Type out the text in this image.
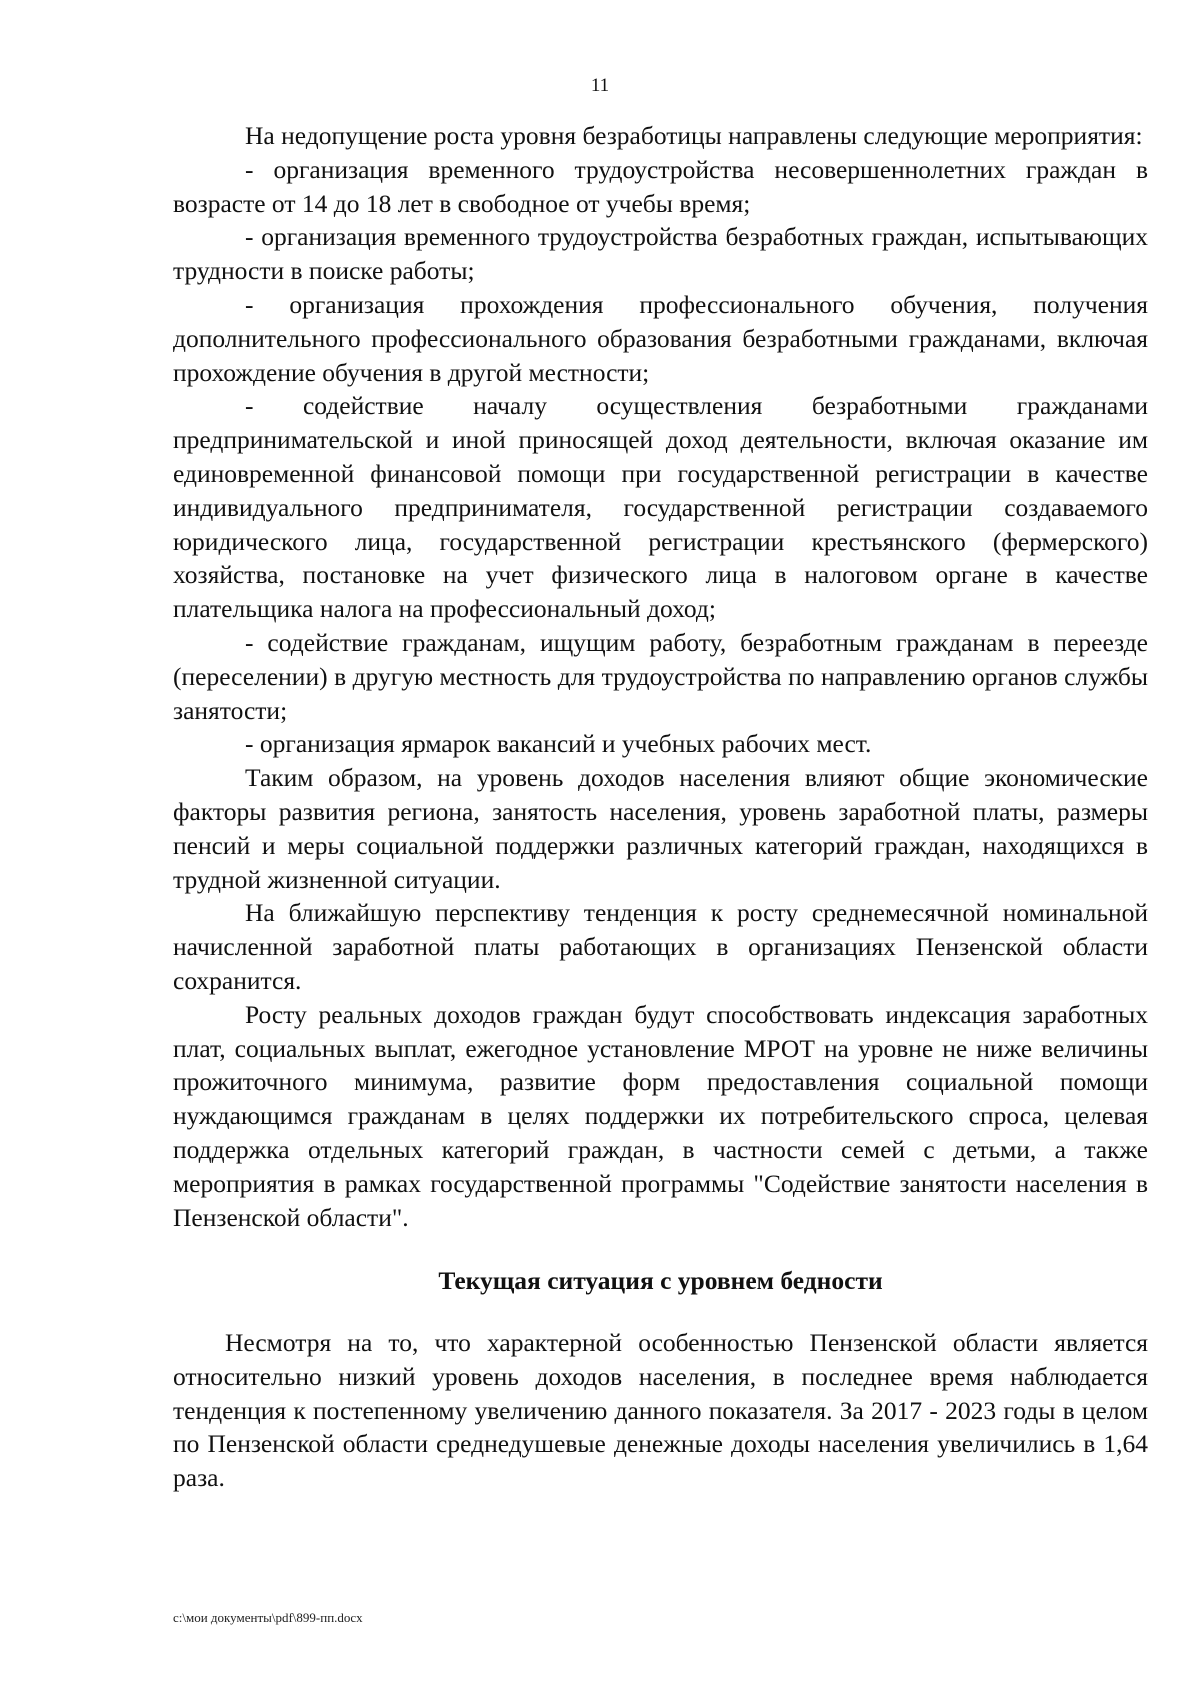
11

На недопущение роста уровня безработицы направлены следующие мероприятия:

- организация временного трудоустройства несовершеннолетних граждан в возрасте от 14 до 18 лет в свободное от учебы время;

- организация временного трудоустройства безработных граждан, испытывающих трудности в поиске работы;

- организация прохождения профессионального обучения, получения дополнительного профессионального образования безработными гражданами, включая прохождение обучения в другой местности;

- содействие началу осуществления безработными гражданами предпринимательской и иной приносящей доход деятельности, включая оказание им единовременной финансовой помощи при государственной регистрации в качестве индивидуального предпринимателя, государственной регистрации создаваемого юридического лица, государственной регистрации крестьянского (фермерского) хозяйства, постановке на учет физического лица в налоговом органе в качестве плательщика налога на профессиональный доход;

- содействие гражданам, ищущим работу, безработным гражданам в переезде (переселении) в другую местность для трудоустройства по направлению органов службы занятости;

- организация ярмарок вакансий и учебных рабочих мест.

Таким образом, на уровень доходов населения влияют общие экономические факторы развития региона, занятость населения, уровень заработной платы, размеры пенсий и меры социальной поддержки различных категорий граждан, находящихся в трудной жизненной ситуации.

На ближайшую перспективу тенденция к росту среднемесячной номинальной начисленной заработной платы работающих в организациях Пензенской области сохранится.

Росту реальных доходов граждан будут способствовать индексация заработных плат, социальных выплат, ежегодное установление МРОТ на уровне не ниже величины прожиточного минимума, развитие форм предоставления социальной помощи нуждающимся гражданам в целях поддержки их потребительского спроса, целевая поддержка отдельных категорий граждан, в частности семей с детьми, а также мероприятия в рамках государственной программы "Содействие занятости населения в Пензенской области".

Текущая ситуация с уровнем бедности

Несмотря на то, что характерной особенностью Пензенской области является относительно низкий уровень доходов населения, в последнее время наблюдается тенденция к постепенному увеличению данного показателя. За 2017 - 2023 годы в целом по Пензенской области среднедушевые денежные доходы населения увеличились в 1,64 раза.

c:\мои документы\pdf\899-пп.docx
